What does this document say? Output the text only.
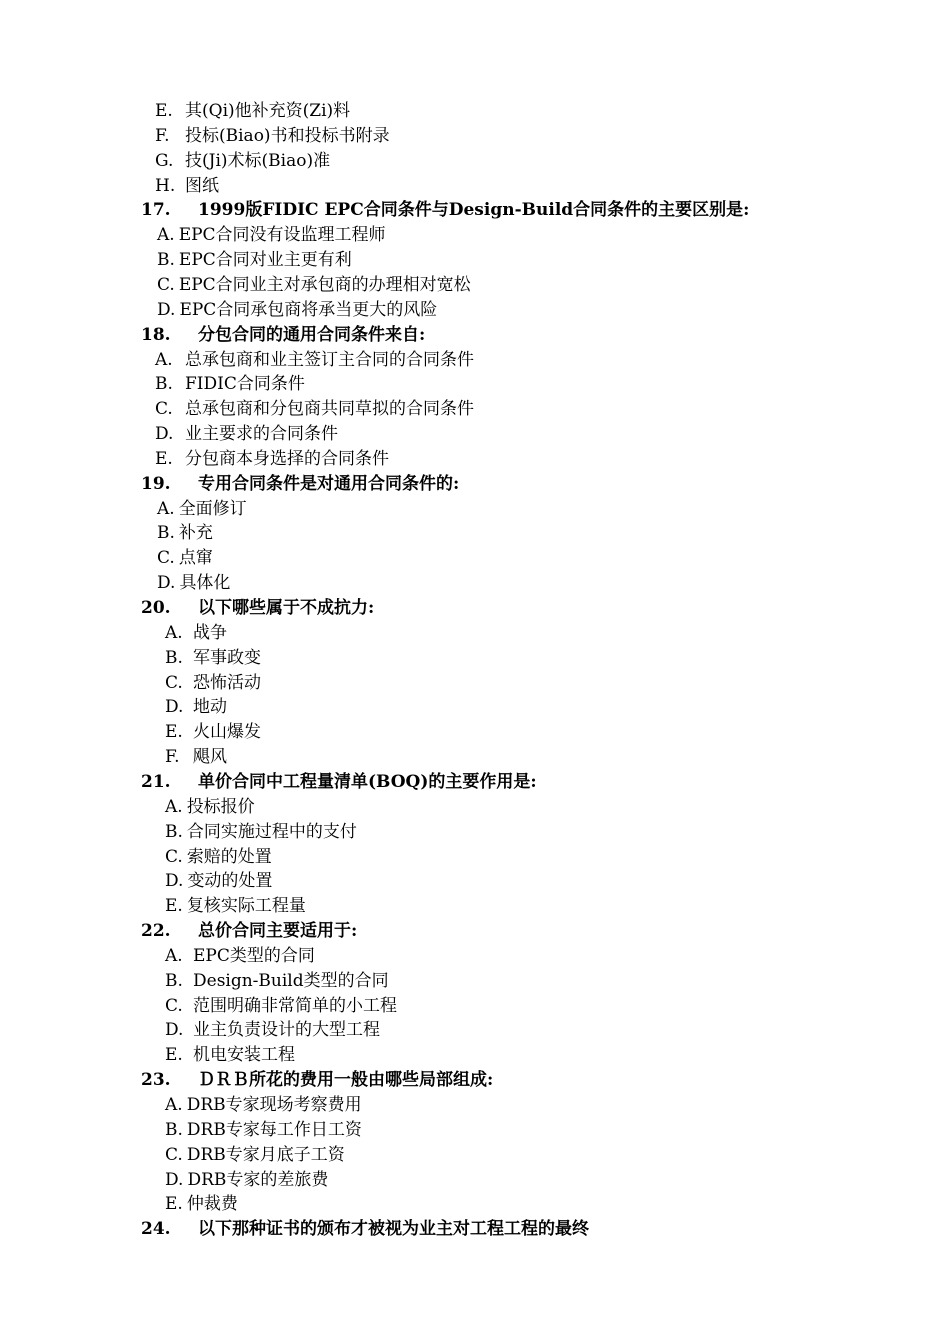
E. 其(Qi)他补充资(Zi)料
F. 投标(Biao)书和投标书附录
G. 技(Ji)术标(Biao)准
H. 图纸
17. 1999版FIDIC EPC合同条件与Design-Build合同条件的主要区别是:
A. EPC合同没有设监理工程师
B. EPC合同对业主更有利
C. EPC合同业主对承包商的办理相对宽松
D. EPC合同承包商将承当更大的风险
18. 分包合同的通用合同条件来自:
A. 总承包商和业主签订主合同的合同条件
B. FIDIC合同条件
C. 总承包商和分包商共同草拟的合同条件
D. 业主要求的合同条件
E. 分包商本身选择的合同条件
19. 专用合同条件是对通用合同条件的:
A. 全面修订
B. 补充
C. 点窜
D. 具体化
20. 以下哪些属于不成抗力:
A. 战争
B. 军事政变
C. 恐怖活动
D. 地动
E. 火山爆发
F. 飓风
21. 单价合同中工程量清单(BOQ)的主要作用是:
A. 投标报价
B. 合同实施过程中的支付
C. 索赔的处置
D. 变动的处置
E. 复核实际工程量
22. 总价合同主要适用于:
A. EPC类型的合同
B. Design-Build类型的合同
C. 范围明确非常简单的小工程
D. 业主负责设计的大型工程
E. 机电安装工程
23. ＤＲＢ所花的费用一般由哪些局部组成:
A. DRB专家现场考察费用
B. DRB专家每工作日工资
C. DRB专家月底子工资
D. DRB专家的差旅费
E. 仲裁费
24. 以下那种证书的颁布才被视为业主对工程工程的最终
